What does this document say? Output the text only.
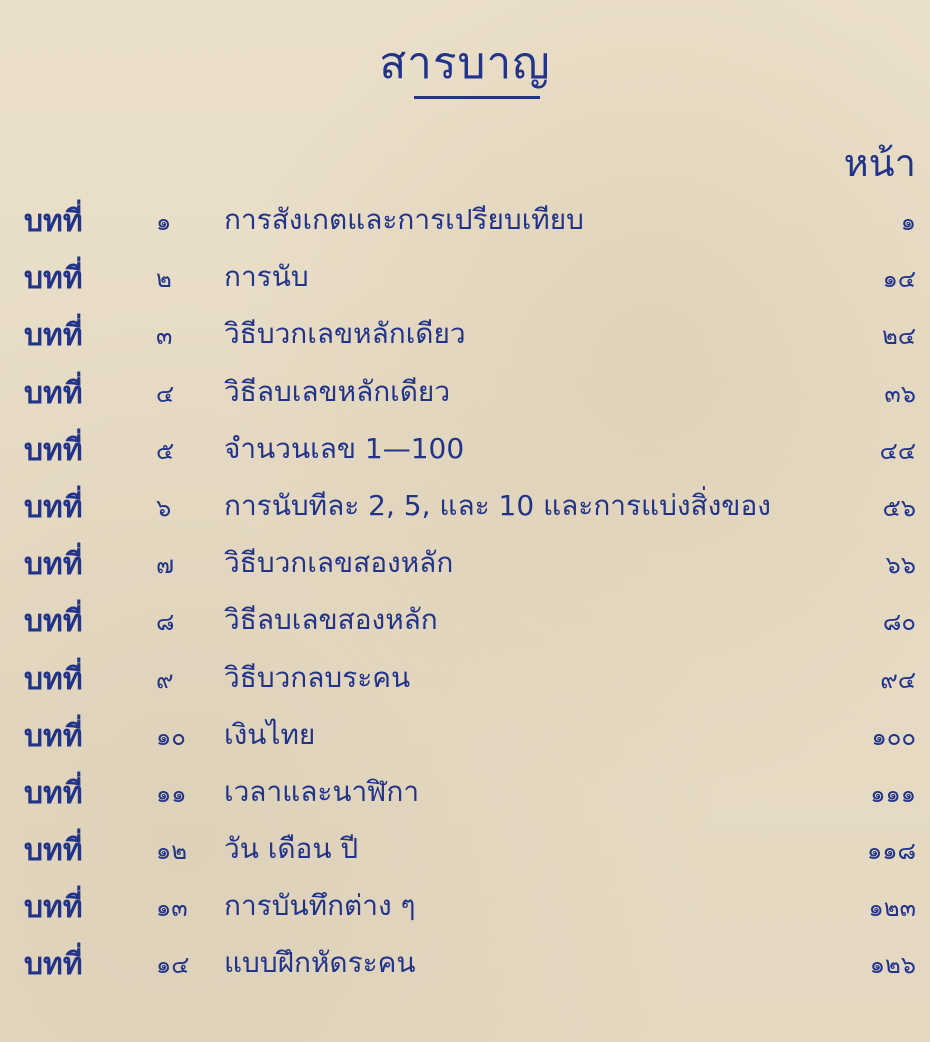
สารบาญ
หน้า
บทที่	๑ การสังเกตและการเปรียบเทียบ	๑
บทที่	๒ การนับ	๑๔
บทที่	๓ วิธีบวกเลขหลักเดียว	๒๔
บทที่	๔ วิธีลบเลขหลักเดียว	๓๖
บทที่	๕ จำนวนเลข 1—100	๔๔
บทที่	๖ การนับทีละ 2, 5, และ 10 และการแบ่งสิ่งของ	๕๖
บทที่	๗ วิธีบวกเลขสองหลัก	๖๖
บทที่	๘ วิธีลบเลขสองหลัก	๘๐
บทที่	๙ วิธีบวกลบระคน	๙๔
บทที่	๑๐ เงินไทย	๑๐๐
บทที่	๑๑ เวลาและนาฬิกา	๑๑๑
บทที่	๑๒ วัน เดือน ปี	๑๑๘
บทที่	๑๓ การบันทึกต่าง ๆ	๑๒๓
บทที่	๑๔ แบบฝึกหัดระคน	๑๒๖
